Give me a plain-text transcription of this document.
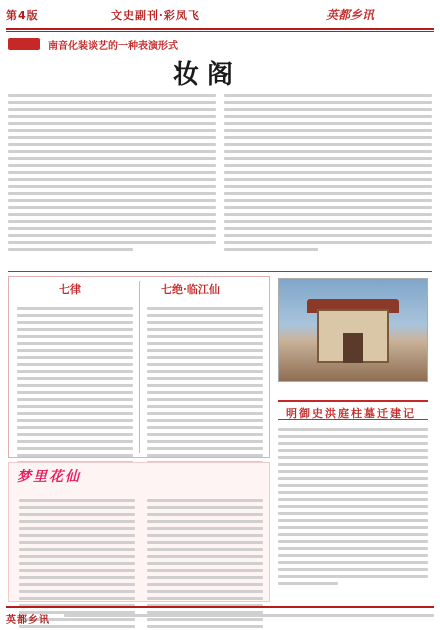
第4版	文史副刊·彩凤飞	英都乡讯
南音化装谈艺的一种表演形式
妆阁
七律	七绝·临江仙
梦里花仙
明御史洪庭柱墓迁建记
英都乡讯
